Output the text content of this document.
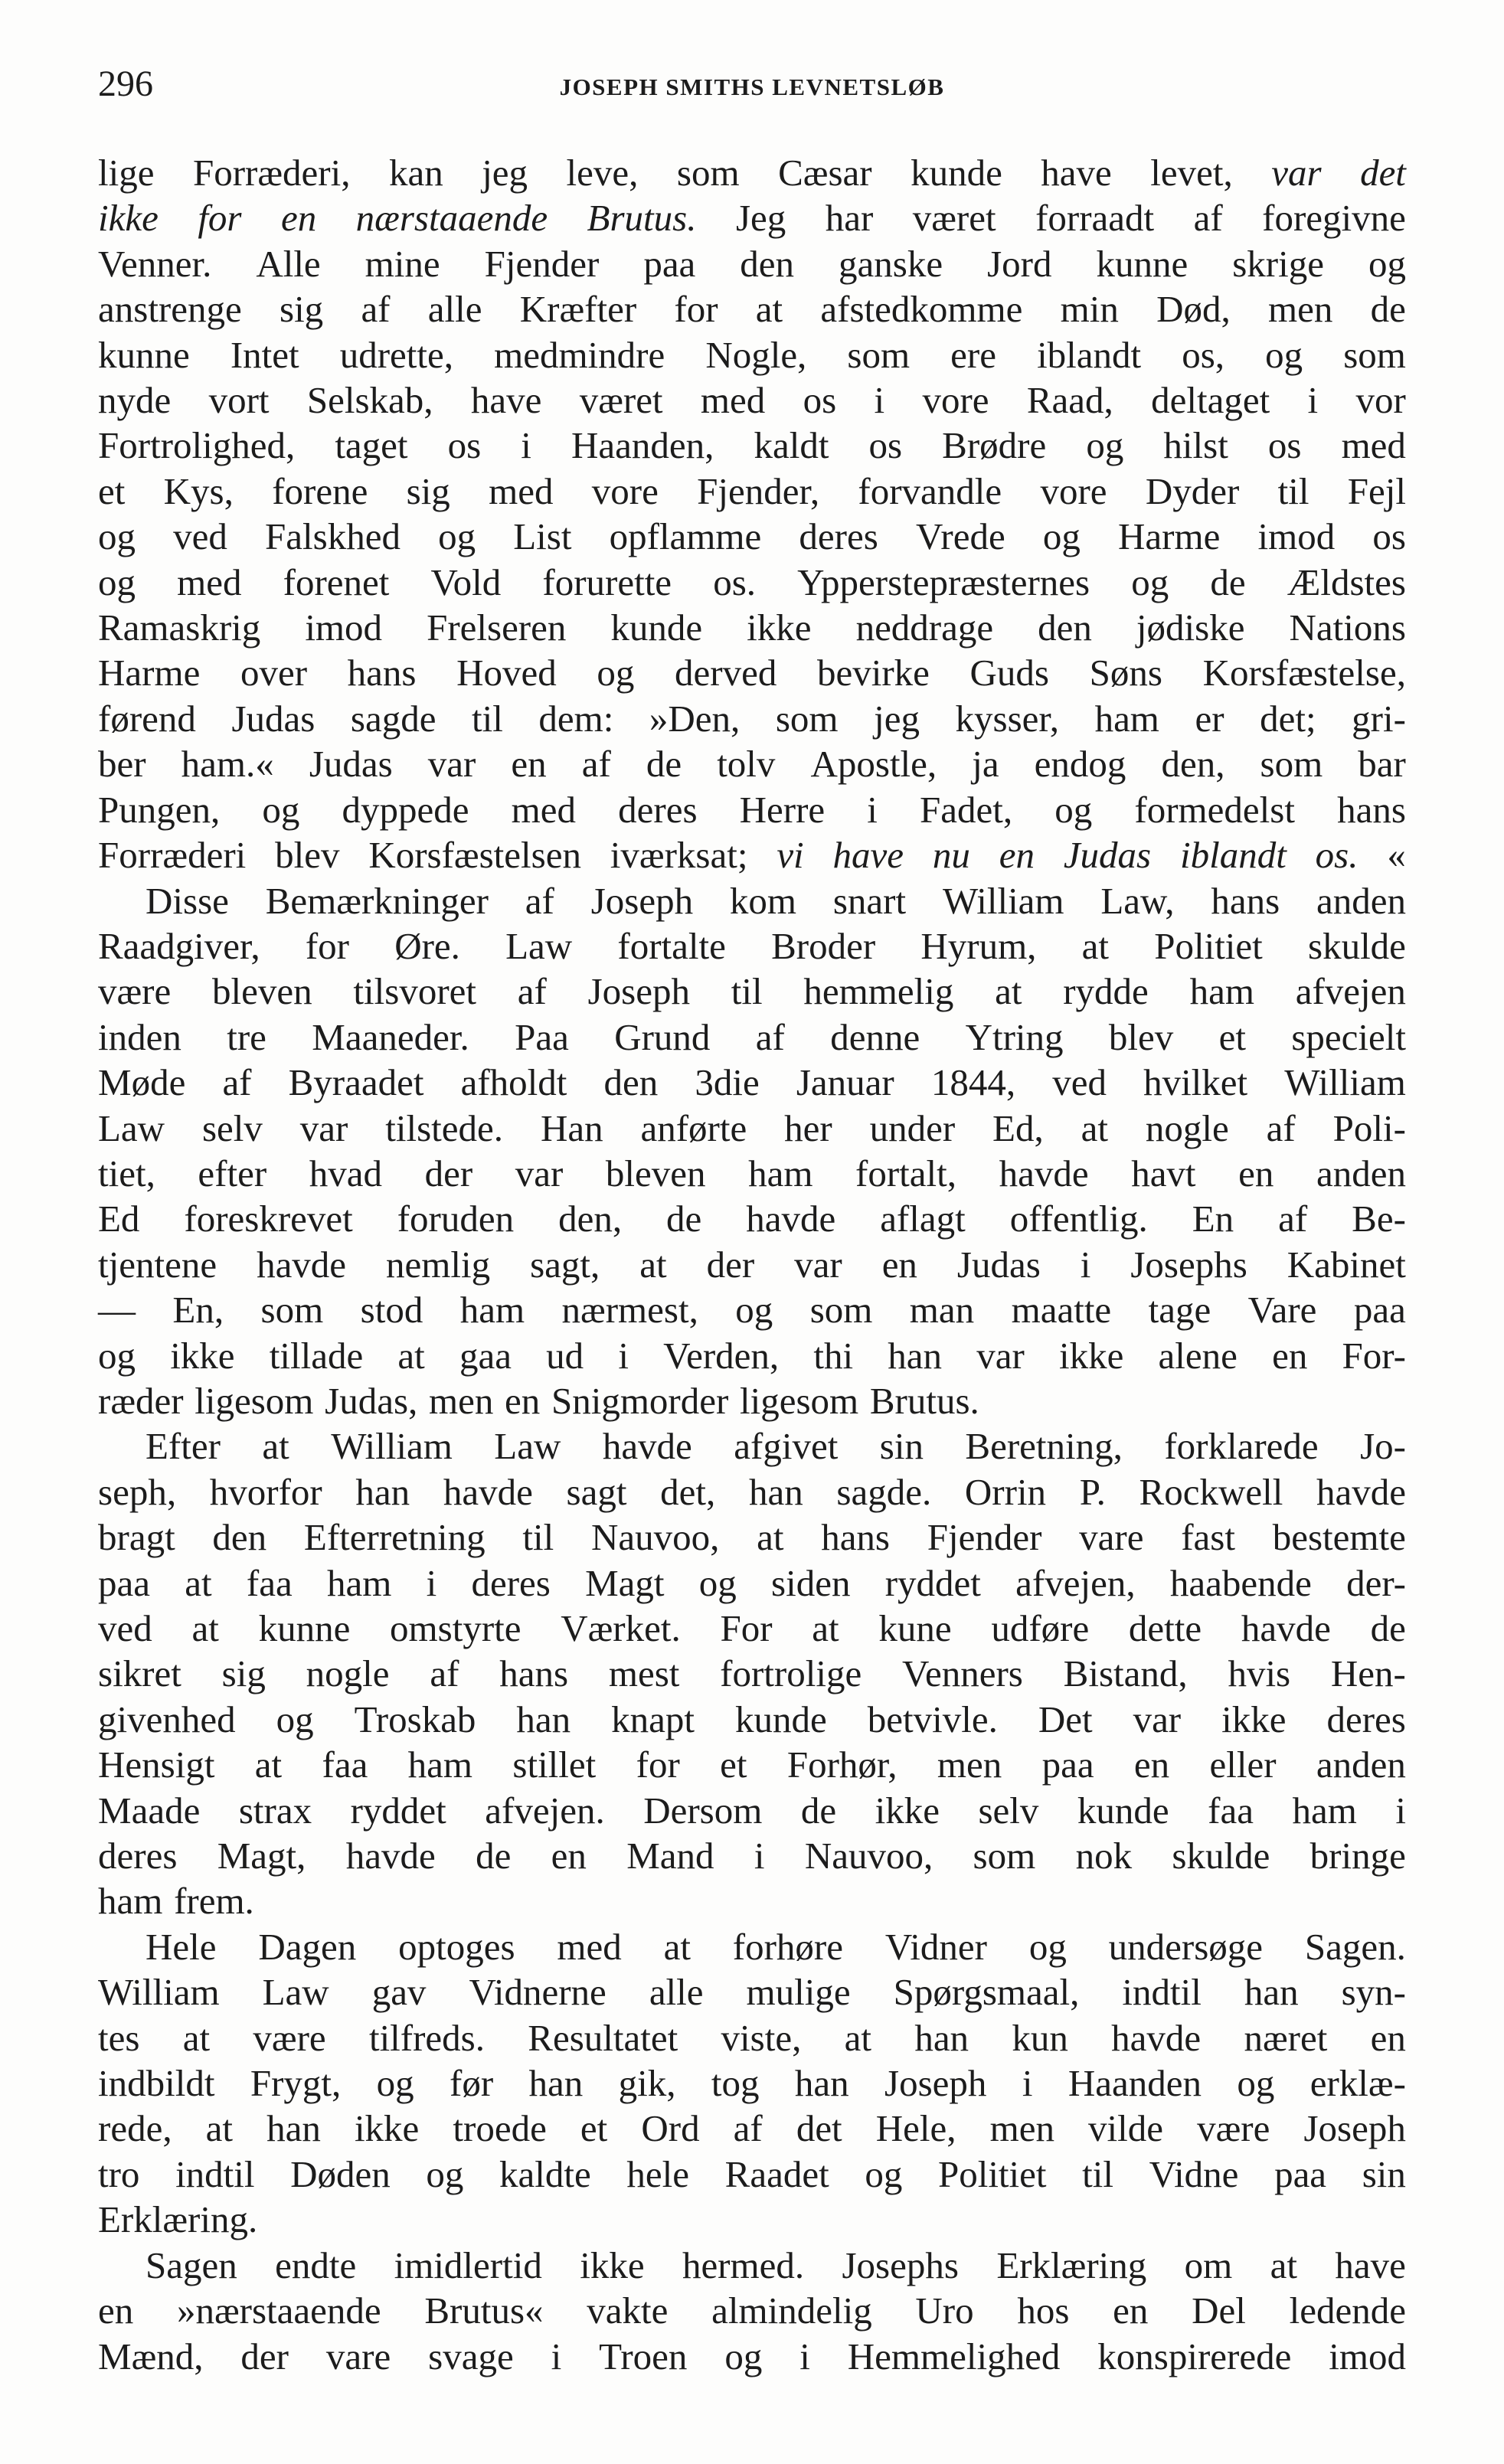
296	JOSEPH SMITHS LEVNETSLØB
lige Forræderi, kan jeg leve, som Cæsar kunde have levet, var det
ikke for en nærstaaende Brutus. Jeg har været forraadt af foregivne
Venner. Alle mine Fjender paa den ganske Jord kunne skrige og
anstrenge sig af alle Kræfter for at afstedkomme min Død, men de
kunne Intet udrette, medmindre Nogle, som ere iblandt os, og som
nyde vort Selskab, have været med os i vore Raad, deltaget i vor
Fortrolighed, taget os i Haanden, kaldt os Brødre og hilst os med
et Kys, forene sig med vore Fjender, forvandle vore Dyder til Fejl
og ved Falskhed og List opflamme deres Vrede og Harme imod os
og med forenet Vold forurette os. Ypperstepræsternes og de Ældstes
Ramaskrig imod Frelseren kunde ikke neddrage den jødiske Nations
Harme over hans Hoved og derved bevirke Guds Søns Korsfæstelse,
førend Judas sagde til dem: »Den, som jeg kysser, ham er det; gri-
ber ham.« Judas var en af de tolv Apostle, ja endog den, som bar
Pungen, og dyppede med deres Herre i Fadet, og formedelst hans
Forræderi blev Korsfæstelsen iværksat; vi have nu en Judas iblandt os. «
Disse Bemærkninger af Joseph kom snart William Law, hans anden
Raadgiver, for Øre. Law fortalte Broder Hyrum, at Politiet skulde
være bleven tilsvoret af Joseph til hemmelig at rydde ham afvejen
inden tre Maaneder. Paa Grund af denne Ytring blev et specielt
Møde af Byraadet afholdt den 3die Januar 1844, ved hvilket William
Law selv var tilstede. Han anførte her under Ed, at nogle af Poli-
tiet, efter hvad der var bleven ham fortalt, havde havt en anden
Ed foreskrevet foruden den, de havde aflagt offentlig. En af Be-
tjentene havde nemlig sagt, at der var en Judas i Josephs Kabinet
— En, som stod ham nærmest, og som man maatte tage Vare paa
og ikke tillade at gaa ud i Verden, thi han var ikke alene en For-
ræder ligesom Judas, men en Snigmorder ligesom Brutus.
Efter at William Law havde afgivet sin Beretning, forklarede Jo-
seph, hvorfor han havde sagt det, han sagde. Orrin P. Rockwell havde
bragt den Efterretning til Nauvoo, at hans Fjender vare fast bestemte
paa at faa ham i deres Magt og siden ryddet afvejen, haabende der-
ved at kunne omstyrte Værket. For at kune udføre dette havde de
sikret sig nogle af hans mest fortrolige Venners Bistand, hvis Hen-
givenhed og Troskab han knapt kunde betvivle. Det var ikke deres
Hensigt at faa ham stillet for et Forhør, men paa en eller anden
Maade strax ryddet afvejen. Dersom de ikke selv kunde faa ham i
deres Magt, havde de en Mand i Nauvoo, som nok skulde bringe
ham frem.
Hele Dagen optoges med at forhøre Vidner og undersøge Sagen.
William Law gav Vidnerne alle mulige Spørgsmaal, indtil han syn-
tes at være tilfreds. Resultatet viste, at han kun havde næret en
indbildt Frygt, og før han gik, tog han Joseph i Haanden og erklæ-
rede, at han ikke troede et Ord af det Hele, men vilde være Joseph
tro indtil Døden og kaldte hele Raadet og Politiet til Vidne paa sin
Erklæring.
Sagen endte imidlertid ikke hermed. Josephs Erklæring om at have
en »nærstaaende Brutus« vakte almindelig Uro hos en Del ledende
Mænd, der vare svage i Troen og i Hemmelighed konspirerede imod
